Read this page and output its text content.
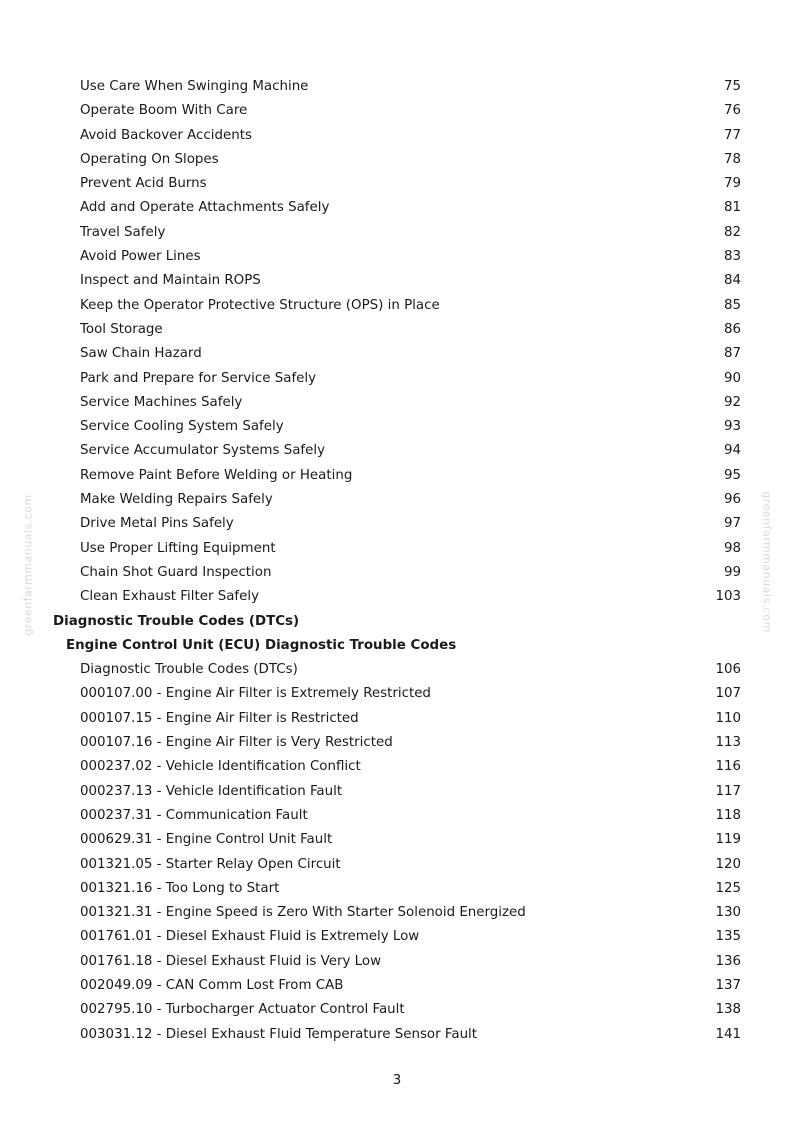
greenfarmmanuals.com	greenfarmmanuals.com
Use Care When Swinging Machine	75
Operate Boom With Care	76
Avoid Backover Accidents	77
Operating On Slopes	78
Prevent Acid Burns	79
Add and Operate Attachments Safely	81
Travel Safely	82
Avoid Power Lines	83
Inspect and Maintain ROPS	84
Keep the Operator Protective Structure (OPS) in Place	85
Tool Storage	86
Saw Chain Hazard	87
Park and Prepare for Service Safely	90
Service Machines Safely	92
Service Cooling System Safely	93
Service Accumulator Systems Safely	94
Remove Paint Before Welding or Heating	95
Make Welding Repairs Safely	96
Drive Metal Pins Safely	97
Use Proper Lifting Equipment	98
Chain Shot Guard Inspection	99
Clean Exhaust Filter Safely	103
Diagnostic Trouble Codes (DTCs)
Engine Control Unit (ECU) Diagnostic Trouble Codes
Diagnostic Trouble Codes (DTCs)	106
000107.00 - Engine Air Filter is Extremely Restricted	107
000107.15 - Engine Air Filter is Restricted	110
000107.16 - Engine Air Filter is Very Restricted	113
000237.02 - Vehicle Identification Conflict	116
000237.13 - Vehicle Identification Fault	117
000237.31 - Communication Fault	118
000629.31 - Engine Control Unit Fault	119
001321.05 - Starter Relay Open Circuit	120
001321.16 - Too Long to Start	125
001321.31 - Engine Speed is Zero With Starter Solenoid Energized	130
001761.01 - Diesel Exhaust Fluid is Extremely Low	135
001761.18 - Diesel Exhaust Fluid is Very Low	136
002049.09 - CAN Comm Lost From CAB	137
002795.10 - Turbocharger Actuator Control Fault	138
003031.12 - Diesel Exhaust Fluid Temperature Sensor Fault	141
3
